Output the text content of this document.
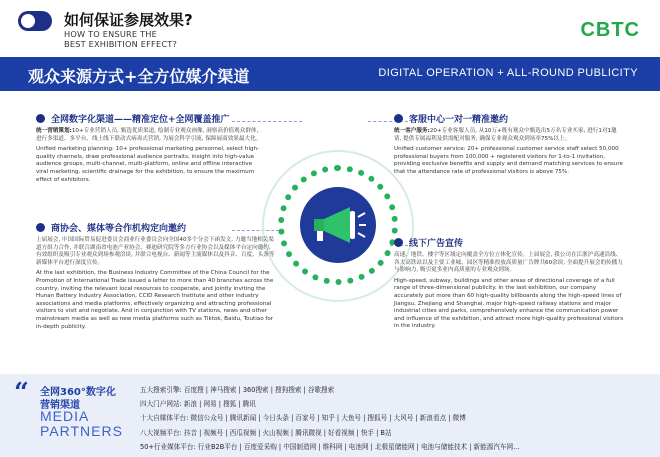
如何保证参展效果?
HOW TO ENSURE THE
BEST EXHIBITION EFFECT?
CBTC
观众来源方式+全方位媒介渠道	DIGITAL OPERATION + ALL-ROUND PUBLICITY
全网数字化渠道——精准定位+全网覆盖推广
统一营销策划:10+专业营销人员, 甄选优质渠道, 绘制专业观众画像, 洞察高价值观众群体, 进行多渠道、多平台、线上线下联动式病毒式营销, 为展会科学引流, 保障展商效果最大化。
Unified marketing planning: 10+ professional marketing personnel, select high-quality channels, draw professional audience portraits, insight into high-value audience groups, multi-channel, multi-platform, online and offline interactive viral marketing, scientific drainage for the exhibition, to ensure the maximum effect of exhibitors.
商协会、媒体等合作机构定向邀约
上届展会, 中国国际贸易促进委员会商业行业委员会向全国40多个分会下函发文, 力邀当地相关渠道方组力合作, 并联合湖南省电池产业协会、赛迪研究院等多方行业协会以及媒体平台定向邀约, 有效组织及吸引专业观众到场参观洽谈, 并联合电视台、新闻等主流媒体以及抖音、百度、头条等新媒体平台进行深度宣传。
At the last exhibition, the Business Industry Committee of the China Council for the Promotion of International Trade issued a letter to more than 40 branches across the country, inviting the relevant local resources to cooperate, and jointly inviting the Hunan Battery Industry Association, CCID Research Institute and other industry associations and media platforms, effectively organizing and attracting professional visitors to visit and negotiate. And in conjunction with TV stations, news and other mainstream media as well as new media platforms such as Tiktok, Baidu, Toutiao for in-depth publicity.
客服中心一对一精准邀约
统一客户服务:20+专业客服人员, 从10万+既有观众中甄选出5万名专业买家, 进行1对1邀请, 提供专属福利及供需配对服务, 确保专业观众观众到场率75%以上。
Unified customer service: 20+ professional customer service staff select 50,000 professional buyers from 100,000 + registered visitors for 1-to-1 invitation, providing exclusive benefits and supply and demand matching services to ensure that the attendance rate of professional visitors is above 75%.
线下广告宣传
高速、地铁、楼宇等区域定向覆盖全方位立体化宣传。上届展会, 我公司在江浙沪高速沿线、各大高铁站以及主要工业城、园区等精准投放高质量广告牌共60余块, 全面提升展会的传播力与影响力, 吸引更多业内高质量的专业观众到场。
High-speed, subway, buildings and other areas of directional coverage of a full range of three-dimensional publicity. In the last exhibition, our company accurately put more than 60 high-quality billboards along the high-speed lines of Jiangsu, Zhejiang and Shanghai, major high-speed railway stations and major industrial cities and parks, comprehensively enhance the communication power and influence of the exhibition, and attract more high-quality professional visitors in the industry.
“ 全网360°数字化
营销渠道
MEDIA
PARTNERS
五大搜索引擎: 百度搜 | 神马搜索 | 360搜索 | 搜狗搜索 | 谷歌搜索
四大门户网站: 新浪 | 网易 | 搜狐 | 腾讯
十大自媒体平台: 微信公众号 | 腾讯新闻 | 今日头条 | 百家号 | 知乎 | 大鱼号 | 搜狐号 | 大风号 | 新浪看点 | 微博
八大视频平台: 抖音 | 视频号 | 西瓜视频 | 火山视频 | 腾讯微视 | 好看视频 | 快手 | B站
50+行业媒体平台: 行业B2B平台 | 百度爱采购 | 中国制造网 | 维科网 | 电池网 | 北极星储能网 | 电池与储能技术 | 新能源汽车网...
